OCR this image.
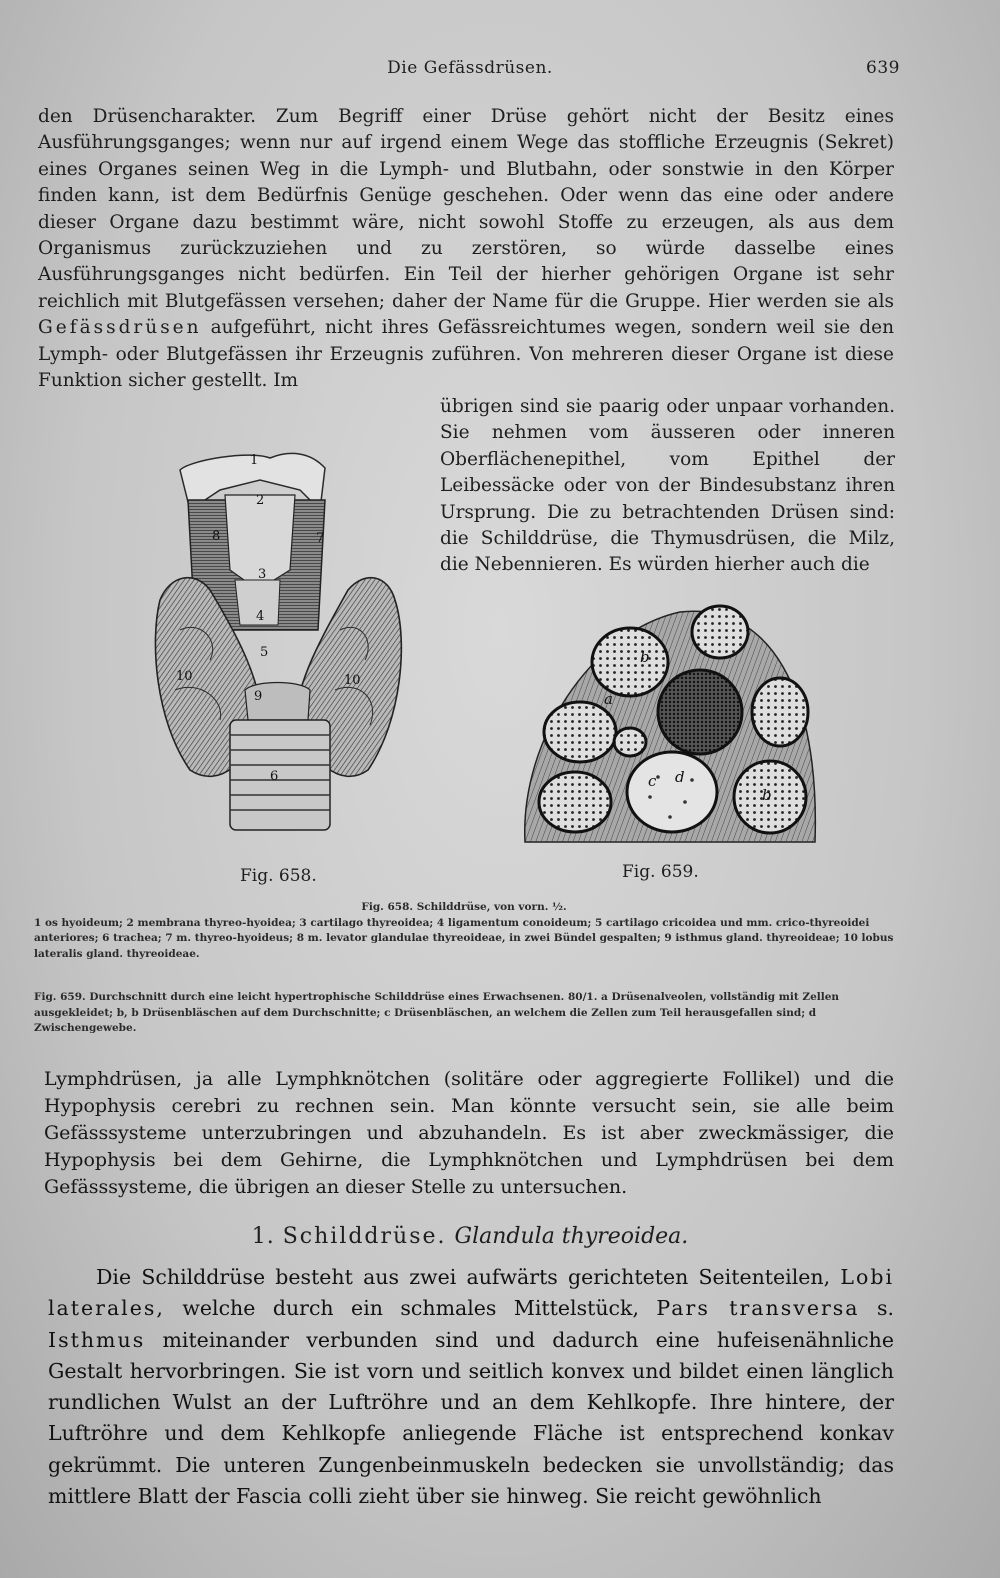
Die Gefässdrüsen.	639

den Drüsencharakter. Zum Begriff einer Drüse gehört nicht der Besitz eines Ausführungsganges; wenn nur auf irgend einem Wege das stoffliche Erzeugnis (Sekret) eines Organes seinen Weg in die Lymph- und Blutbahn, oder sonstwie in den Körper finden kann, ist dem Bedürfnis Genüge geschehen. Oder wenn das eine oder andere dieser Organe dazu bestimmt wäre, nicht sowohl Stoffe zu erzeugen, als aus dem Organismus zurückzuziehen und zu zerstören, so würde dasselbe eines Ausführungsganges nicht bedürfen. Ein Teil der hierher gehörigen Organe ist sehr reichlich mit Blutgefässen versehen; daher der Name für die Gruppe. Hier werden sie als Gefässdrüsen aufgeführt, nicht ihres Gefässreichtumes wegen, sondern weil sie den Lymph- oder Blutgefässen ihr Erzeugnis zuführen. Von mehreren dieser Organe ist diese Funktion sicher gestellt. Im

übrigen sind sie paarig oder unpaar vorhanden. Sie nehmen vom äusseren oder inneren Oberflächenepithel, vom Epithel der Leibessäcke oder von der Bindesubstanz ihren Ursprung. Die zu betrachtenden Drüsen sind: die Schilddrüse, die Thymusdrüsen, die Milz, die Nebennieren. Es würden hierher auch die

1
2
3
4
5
6
7
8
9
10	10
a
b
c d
b
Fig. 658.	Fig. 659.
Fig. 658. Schilddrüse, von vorn. ½.
1 os hyoideum; 2 membrana thyreo-hyoidea; 3 cartilago thyreoidea; 4 ligamentum conoideum; 5 cartilago cricoidea und mm. crico-thyreoidei anteriores; 6 trachea; 7 m. thyreo-hyoideus; 8 m. levator glandulae thyreoideae, in zwei Bündel gespalten; 9 isthmus gland. thyreoideae; 10 lobus lateralis gland. thyreoideae.
Fig. 659. Durchschnitt durch eine leicht hypertrophische Schilddrüse eines Erwachsenen. 80/1. a Drüsenalveolen, vollständig mit Zellen ausgekleidet; b, b Drüsenbläschen auf dem Durchschnitte; c Drüsenbläschen, an welchem die Zellen zum Teil herausgefallen sind; d Zwischengewebe.

Lymphdrüsen, ja alle Lymphknötchen (solitäre oder aggregierte Follikel) und die Hypophysis cerebri zu rechnen sein. Man könnte versucht sein, sie alle beim Gefässsysteme unterzubringen und abzuhandeln. Es ist aber zweckmässiger, die Hypophysis bei dem Gehirne, die Lymphknötchen und Lymphdrüsen bei dem Gefässsysteme, die übrigen an dieser Stelle zu untersuchen.

1. Schilddrüse. Glandula thyreoidea.

Die Schilddrüse besteht aus zwei aufwärts gerichteten Seitenteilen, Lobi laterales, welche durch ein schmales Mittelstück, Pars transversa s. Isthmus miteinander verbunden sind und dadurch eine hufeisenähnliche Gestalt hervorbringen. Sie ist vorn und seitlich konvex und bildet einen länglich rundlichen Wulst an der Luftröhre und an dem Kehlkopfe. Ihre hintere, der Luftröhre und dem Kehlkopfe anliegende Fläche ist entsprechend konkav gekrümmt. Die unteren Zungenbeinmuskeln bedecken sie unvollständig; das mittlere Blatt der Fascia colli zieht über sie hinweg. Sie reicht gewöhnlich
